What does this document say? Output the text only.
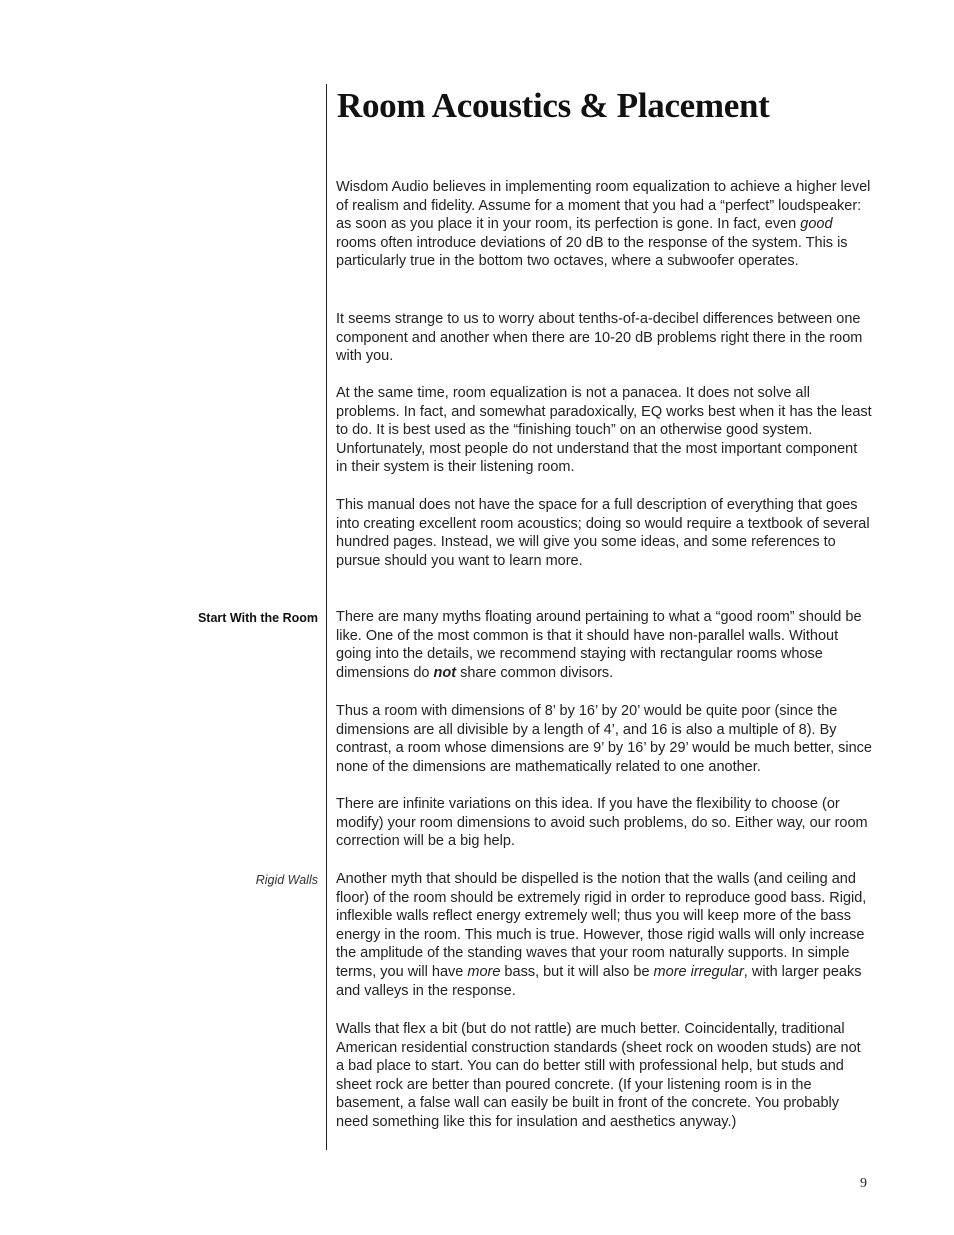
Room Acoustics & Placement

Wisdom Audio believes in implementing room equalization to achieve a higher level of realism and fidelity. Assume for a moment that you had a “perfect” loudspeaker: as soon as you place it in your room, its perfection is gone. In fact, even good rooms often introduce deviations of 20 dB to the response of the system. This is particularly true in the bottom two octaves, where a subwoofer operates.

It seems strange to us to worry about tenths-of-a-decibel differences between one component and another when there are 10-20 dB problems right there in the room with you.

At the same time, room equalization is not a panacea. It does not solve all problems. In fact, and somewhat paradoxically, EQ works best when it has the least to do. It is best used as the “finishing touch” on an otherwise good system. Unfortunately, most people do not understand that the most important component in their system is their listening room.

This manual does not have the space for a full description of everything that goes into creating excellent room acoustics; doing so would require a textbook of several hundred pages. Instead, we will give you some ideas, and some references to pursue should you want to learn more.

Start With the Room There are many myths floating around pertaining to what a “good room” should be like. One of the most common is that it should have non-parallel walls. Without going into the details, we recommend staying with rectangular rooms whose dimensions do not share common divisors.

Thus a room with dimensions of 8’ by 16’ by 20’ would be quite poor (since the dimensions are all divisible by a length of 4’, and 16 is also a multiple of 8). By contrast, a room whose dimensions are 9’ by 16’ by 29’ would be much better, since none of the dimensions are mathematically related to one another.

There are infinite variations on this idea. If you have the flexibility to choose (or modify) your room dimensions to avoid such problems, do so. Either way, our room correction will be a big help.

Rigid Walls Another myth that should be dispelled is the notion that the walls (and ceiling and floor) of the room should be extremely rigid in order to reproduce good bass. Rigid, inflexible walls reflect energy extremely well; thus you will keep more of the bass energy in the room. This much is true. However, those rigid walls will only increase the amplitude of the standing waves that your room naturally supports. In simple terms, you will have more bass, but it will also be more irregular, with larger peaks and valleys in the response.

Walls that flex a bit (but do not rattle) are much better. Coincidentally, traditional American residential construction standards (sheet rock on wooden studs) are not a bad place to start. You can do better still with professional help, but studs and sheet rock are better than poured concrete. (If your listening room is in the basement, a false wall can easily be built in front of the concrete. You probably need something like this for insulation and aesthetics anyway.)

9
